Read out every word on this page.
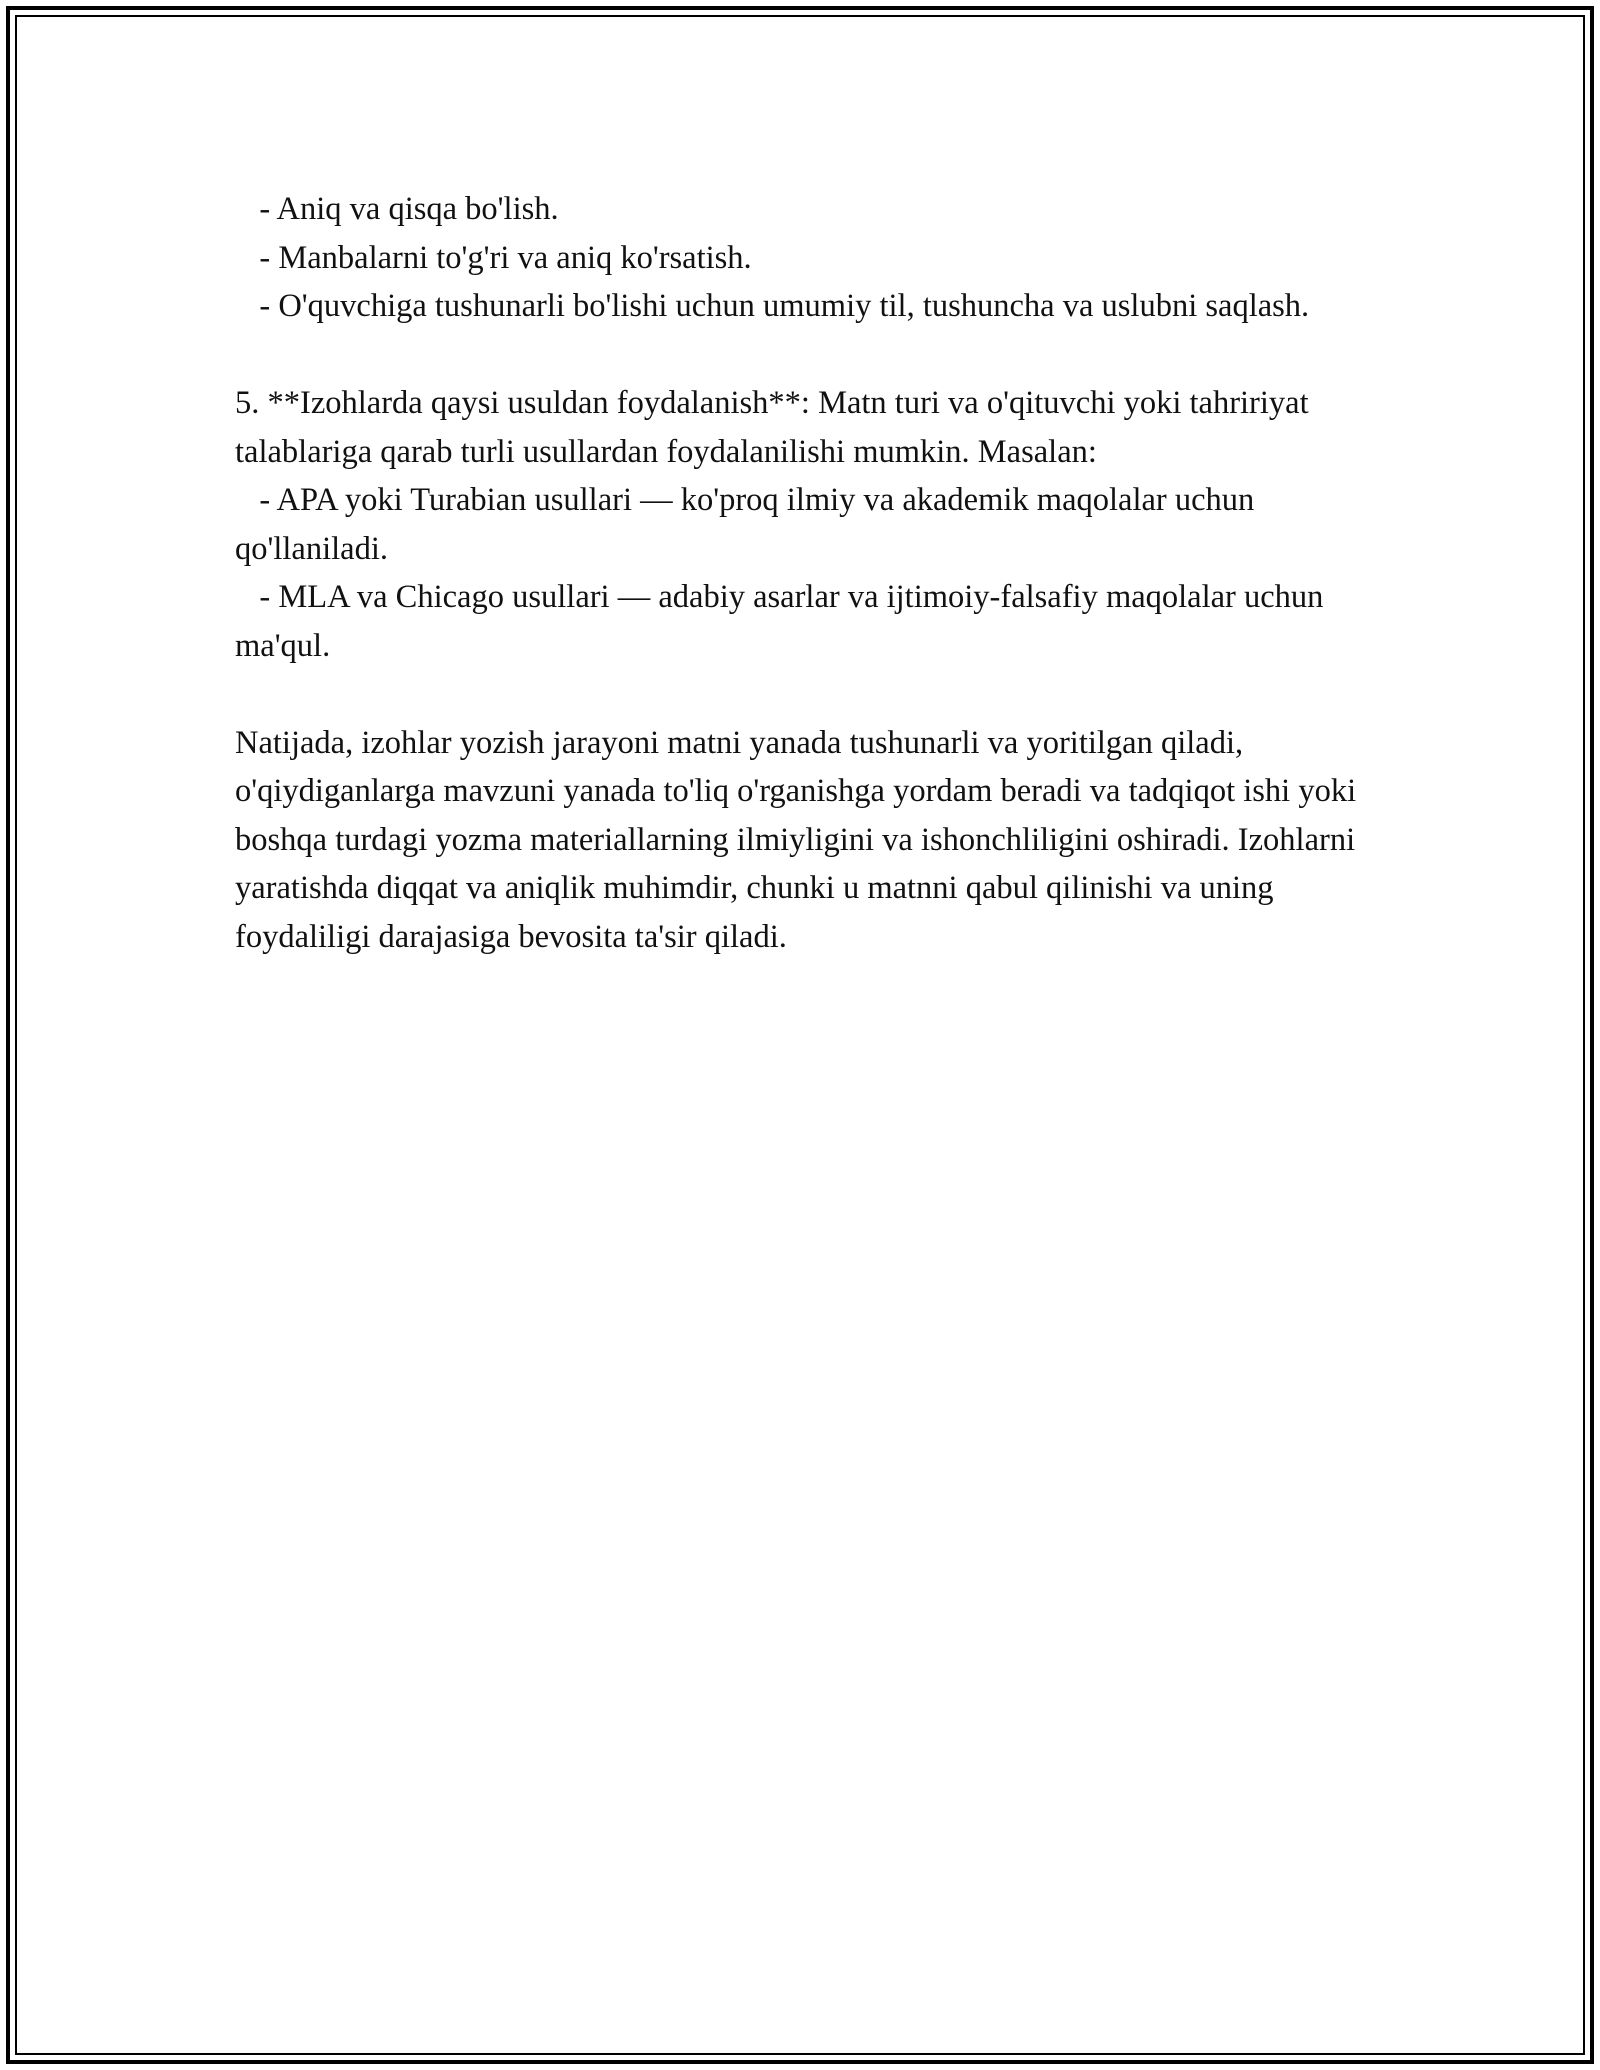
- Aniq va qisqa bo'lish.

- Manbalarni to'g'ri va aniq ko'rsatish.

- O'quvchiga tushunarli bo'lishi uchun umumiy til, tushuncha va uslubni saqlash.

5. **Izohlarda qaysi usuldan foydalanish**: Matn turi va o'qituvchi yoki tahririyat talablariga qarab turli usullardan foydalanilishi mumkin. Masalan:

- APA yoki Turabian usullari — ko'proq ilmiy va akademik maqolalar uchun qo'llaniladi.

- MLA va Chicago usullari — adabiy asarlar va ijtimoiy-falsafiy maqolalar uchun ma'qul.

Natijada, izohlar yozish jarayoni matni yanada tushunarli va yoritilgan qiladi, o'qiydiganlarga mavzuni yanada to'liq o'rganishga yordam beradi va tadqiqot ishi yoki boshqa turdagi yozma materiallarning ilmiyligini va ishonchliligini oshiradi. Izohlarni yaratishda diqqat va aniqlik muhimdir, chunki u matnni qabul qilinishi va uning foydaliligi darajasiga bevosita ta'sir qiladi.
